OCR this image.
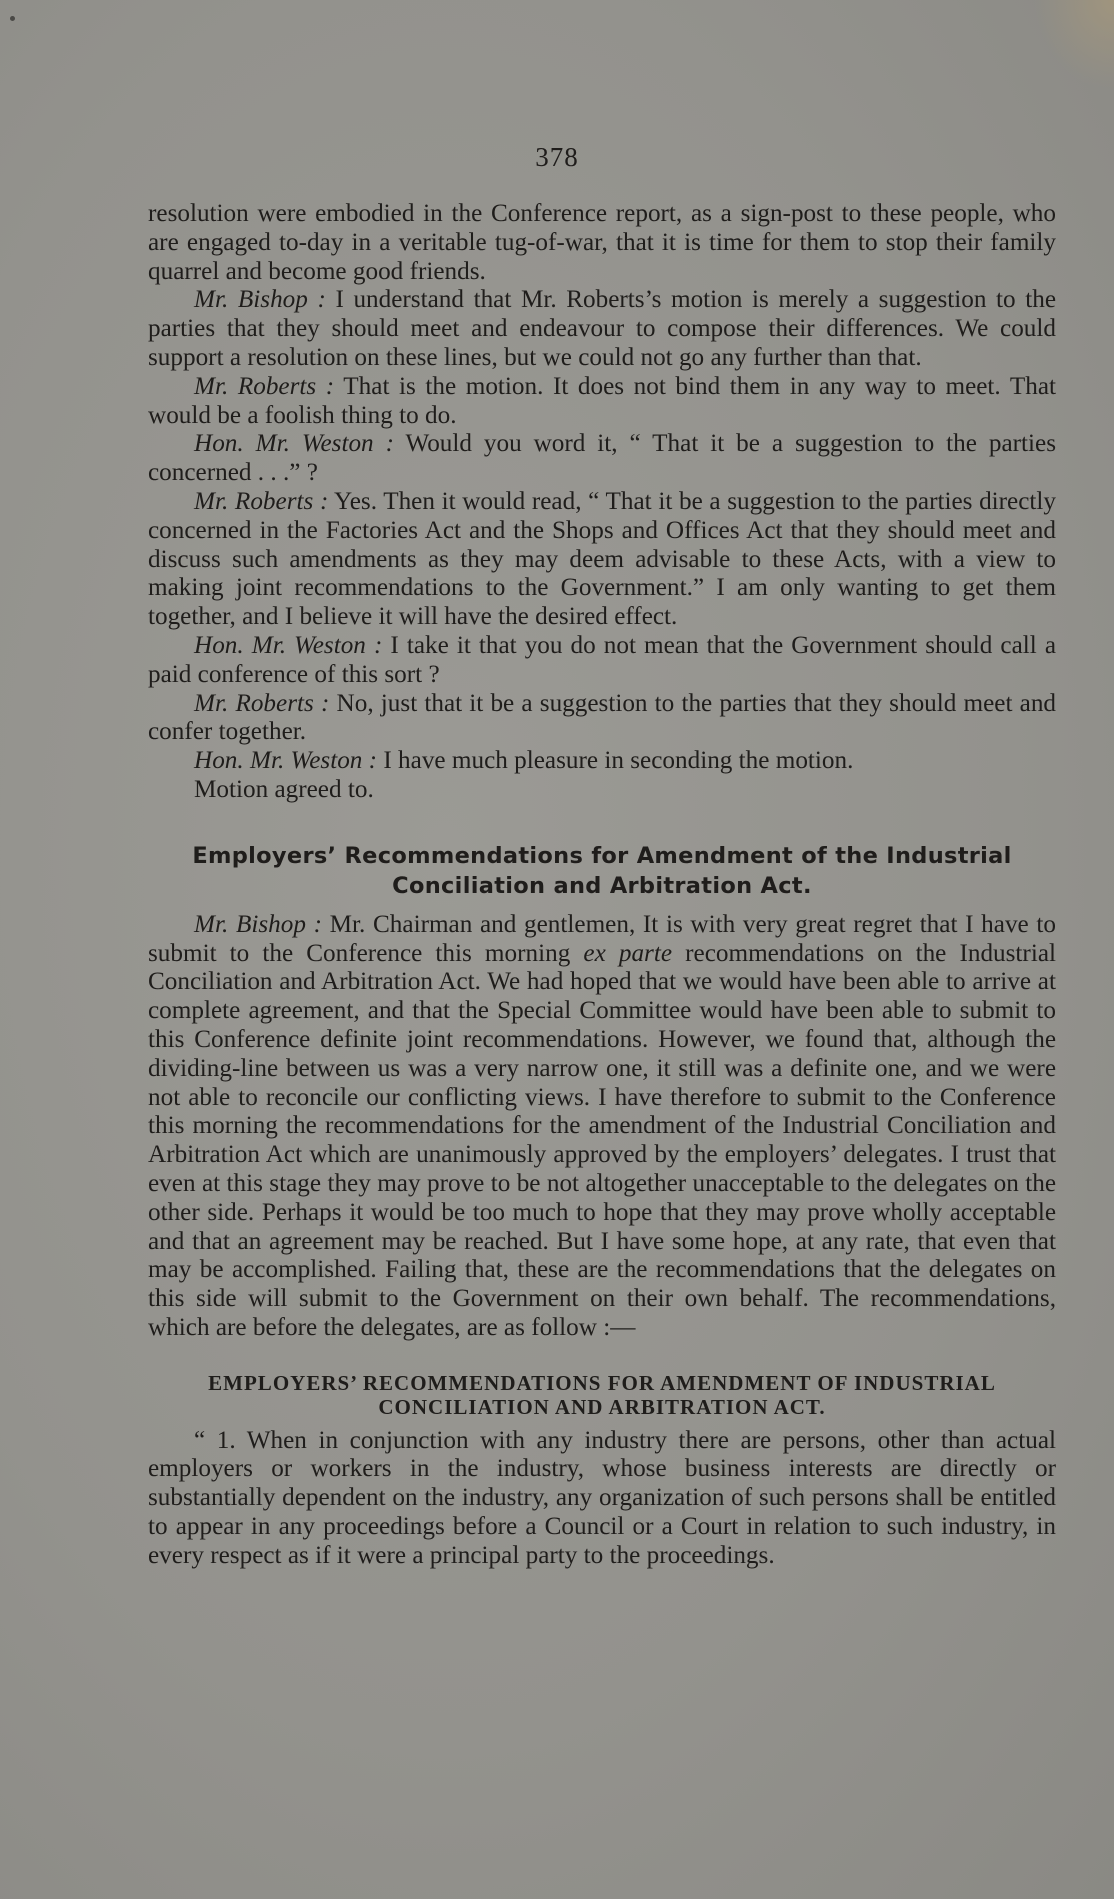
378

resolution were embodied in the Conference report, as a sign-post to these people, who are engaged to-day in a veritable tug-of-war, that it is time for them to stop their family quarrel and become good friends.

Mr. Bishop : I understand that Mr. Roberts’s motion is merely a suggestion to the parties that they should meet and endeavour to compose their differences. We could support a resolution on these lines, but we could not go any further than that.

Mr. Roberts : That is the motion. It does not bind them in any way to meet. That would be a foolish thing to do.

Hon. Mr. Weston : Would you word it, “ That it be a suggestion to the parties concerned . . .” ?

Mr. Roberts : Yes. Then it would read, “ That it be a suggestion to the parties directly concerned in the Factories Act and the Shops and Offices Act that they should meet and discuss such amendments as they may deem advisable to these Acts, with a view to making joint recommendations to the Government.” I am only wanting to get them together, and I believe it will have the desired effect.

Hon. Mr. Weston : I take it that you do not mean that the Government should call a paid conference of this sort ?

Mr. Roberts : No, just that it be a suggestion to the parties that they should meet and confer together.

Hon. Mr. Weston : I have much pleasure in seconding the motion.

Motion agreed to.

Employers’ Recommendations for Amendment of the Industrial
Conciliation and Arbitration Act.

Mr. Bishop : Mr. Chairman and gentlemen, It is with very great regret that I have to submit to the Conference this morning ex parte recommendations on the Industrial Conciliation and Arbitration Act. We had hoped that we would have been able to arrive at complete agreement, and that the Special Committee would have been able to submit to this Conference definite joint recommendations. However, we found that, although the dividing-line between us was a very narrow one, it still was a definite one, and we were not able to reconcile our conflicting views. I have therefore to submit to the Conference this morning the recommendations for the amendment of the Industrial Conciliation and Arbitration Act which are unanimously approved by the employers’ delegates. I trust that even at this stage they may prove to be not altogether unacceptable to the delegates on the other side. Perhaps it would be too much to hope that they may prove wholly acceptable and that an agreement may be reached. But I have some hope, at any rate, that even that may be accomplished. Failing that, these are the recommendations that the delegates on this side will submit to the Government on their own behalf. The recommendations, which are before the delegates, are as follow :—

EMPLOYERS’ RECOMMENDATIONS FOR AMENDMENT OF INDUSTRIAL
CONCILIATION AND ARBITRATION ACT.

“ 1. When in conjunction with any industry there are persons, other than actual employers or workers in the industry, whose business interests are directly or substantially dependent on the industry, any organization of such persons shall be entitled to appear in any proceedings before a Council or a Court in relation to such industry, in every respect as if it were a principal party to the proceedings.
